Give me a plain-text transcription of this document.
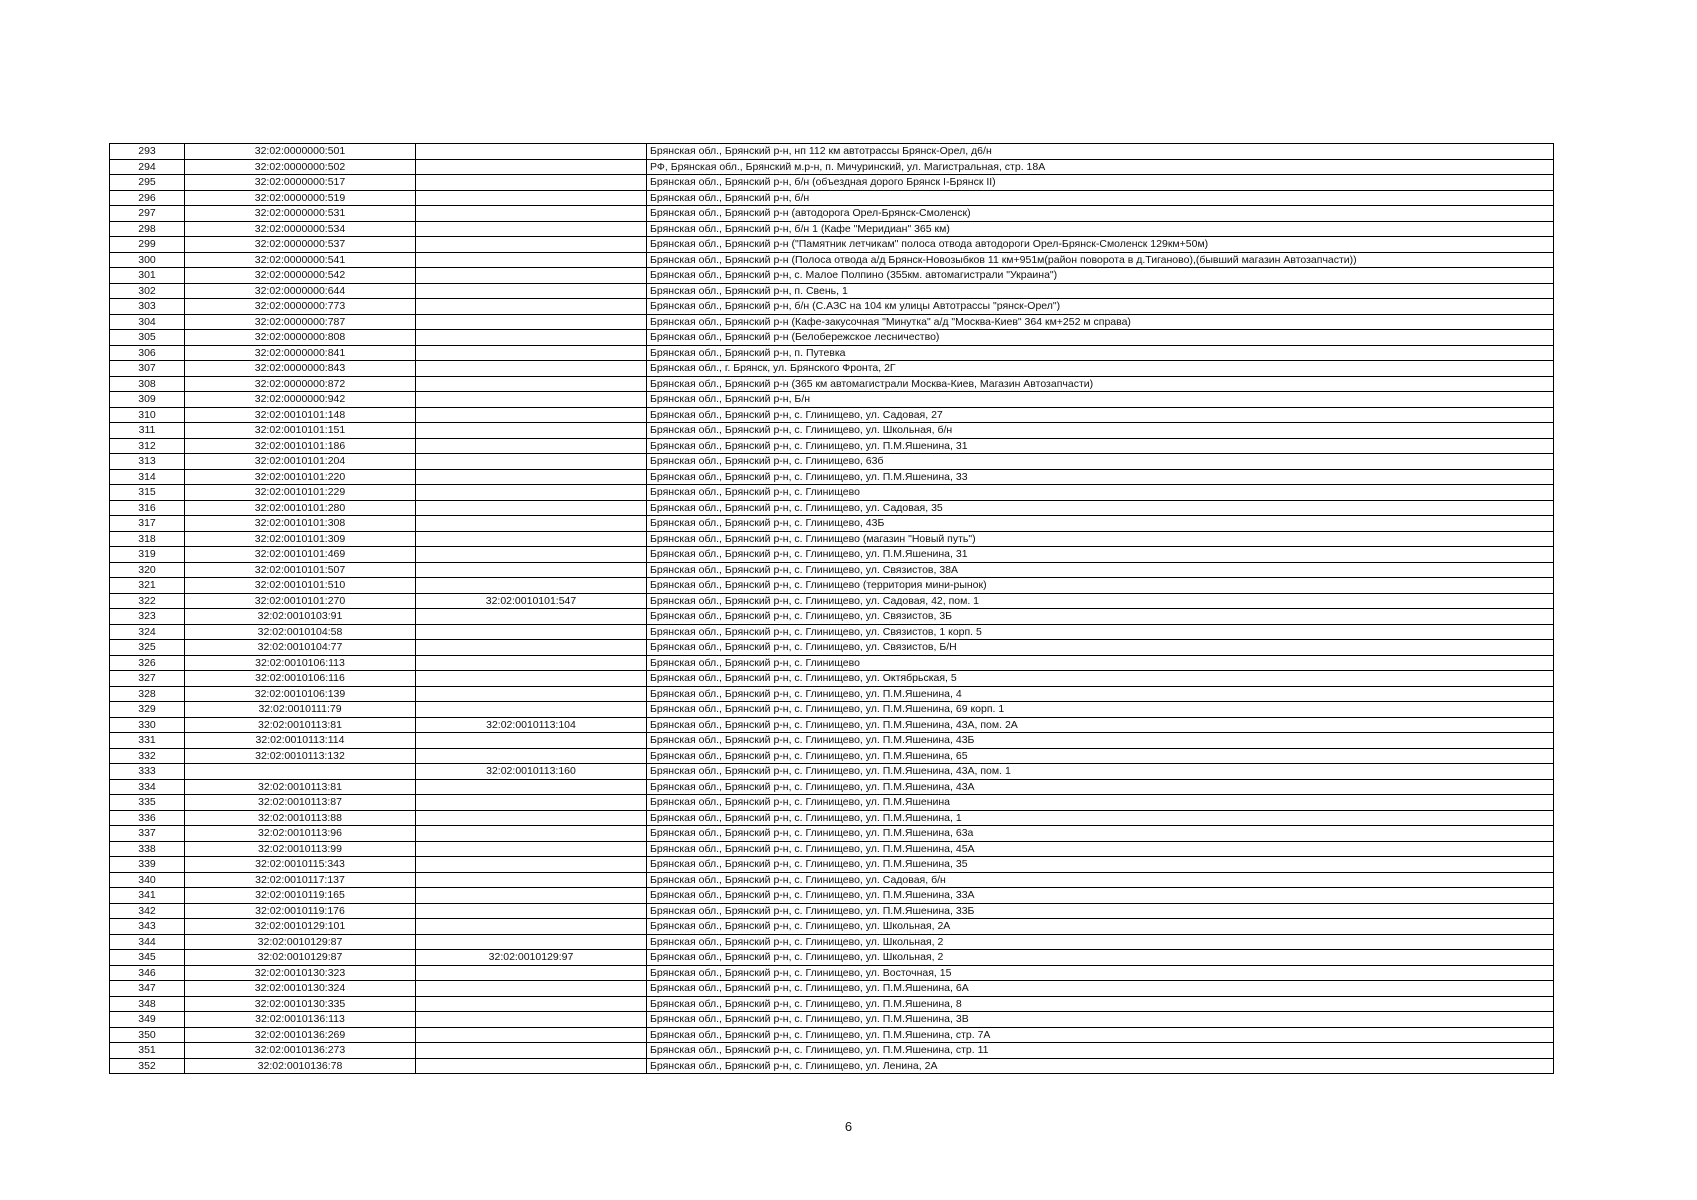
293	32:02:0000000:501		Брянская обл., Брянский р-н, нп 112 км автотрассы Брянск-Орел, д6/н
294	32:02:0000000:502		РФ, Брянская обл., Брянский м.р-н, п. Мичуринский, ул. Магистральная, стр. 18А
295	32:02:0000000:517		Брянская обл., Брянский р-н, б/н (объездная дорого Брянск I-Брянск II)
296	32:02:0000000:519		Брянская обл., Брянский р-н, б/н
297	32:02:0000000:531		Брянская обл., Брянский р-н (автодорога Орел-Брянск-Смоленск)
298	32:02:0000000:534		Брянская обл., Брянский р-н, б/н 1 (Кафе "Меридиан" 365 км)
299	32:02:0000000:537		Брянская обл., Брянский р-н ("Памятник летчикам" полоса отвода автодороги Орел-Брянск-Смоленск 129км+50м)
300	32:02:0000000:541		Брянская обл., Брянский р-н (Полоса отвода а/д Брянск-Новозыбков 11 км+951м(район поворота в д.Тиганово),(бывший магазин Автозапчасти))
301	32:02:0000000:542		Брянская обл., Брянский р-н, с. Малое Полпино (355км. автомагистрали "Украина")
302	32:02:0000000:644		Брянская обл., Брянский р-н, п. Свень, 1
303	32:02:0000000:773		Брянская обл., Брянский р-н, б/н (С.АЗС на 104 км улицы Автотрассы "рянск-Орел")
304	32:02:0000000:787		Брянская обл., Брянский р-н (Кафе-закусочная "Минутка" а/д "Москва-Киев" 364 км+252 м справа)
305	32:02:0000000:808		Брянская обл., Брянский р-н (Белобережское лесничество)
306	32:02:0000000:841		Брянская обл., Брянский р-н, п. Путевка
307	32:02:0000000:843		Брянская обл., г. Брянск, ул. Брянского Фронта, 2Г
308	32:02:0000000:872		Брянская обл., Брянский р-н (365 км автомагистрали Москва-Киев, Магазин Автозапчасти)
309	32:02:0000000:942		Брянская обл., Брянский р-н, Б/н
310	32:02:0010101:148		Брянская обл., Брянский р-н, с. Глинищево, ул. Садовая, 27
311	32:02:0010101:151		Брянская обл., Брянский р-н, с. Глинищево, ул. Школьная, б/н
312	32:02:0010101:186		Брянская обл., Брянский р-н, с. Глинищево, ул. П.М.Яшенина, 31
313	32:02:0010101:204		Брянская обл., Брянский р-н, с. Глинищево, 63б
314	32:02:0010101:220		Брянская обл., Брянский р-н, с. Глинищево, ул. П.М.Яшенина, 33
315	32:02:0010101:229		Брянская обл., Брянский р-н, с. Глинищево
316	32:02:0010101:280		Брянская обл., Брянский р-н, с. Глинищево, ул. Садовая, 35
317	32:02:0010101:308		Брянская обл., Брянский р-н, с. Глинищево, 43Б
318	32:02:0010101:309		Брянская обл., Брянский р-н, с. Глинищево (магазин "Новый путь")
319	32:02:0010101:469		Брянская обл., Брянский р-н, с. Глинищево, ул. П.М.Яшенина, 31
320	32:02:0010101:507		Брянская обл., Брянский р-н, с. Глинищево, ул. Связистов, 38А
321	32:02:0010101:510		Брянская обл., Брянский р-н, с. Глинищево (территория мини-рынок)
322	32:02:0010101:270	32:02:0010101:547	Брянская обл., Брянский р-н, с. Глинищево, ул. Садовая, 42, пом. 1
323	32:02:0010103:91		Брянская обл., Брянский р-н, с. Глинищево, ул. Связистов, 3Б
324	32:02:0010104:58		Брянская обл., Брянский р-н, с. Глинищево, ул. Связистов, 1 корп. 5
325	32:02:0010104:77		Брянская обл., Брянский р-н, с. Глинищево, ул. Связистов, Б/Н
326	32:02:0010106:113		Брянская обл., Брянский р-н, с. Глинищево
327	32:02:0010106:116		Брянская обл., Брянский р-н, с. Глинищево, ул. Октябрьская, 5
328	32:02:0010106:139		Брянская обл., Брянский р-н, с. Глинищево, ул. П.М.Яшенина, 4
329	32:02:0010111:79		Брянская обл., Брянский р-н, с. Глинищево, ул. П.М.Яшенина, 69 корп. 1
330	32:02:0010113:81	32:02:0010113:104	Брянская обл., Брянский р-н, с. Глинищево, ул. П.М.Яшенина, 43А, пом. 2А
331	32:02:0010113:114		Брянская обл., Брянский р-н, с. Глинищево, ул. П.М.Яшенина, 43Б
332	32:02:0010113:132		Брянская обл., Брянский р-н, с. Глинищево, ул. П.М.Яшенина, 65
333		32:02:0010113:160	Брянская обл., Брянский р-н, с. Глинищево, ул. П.М.Яшенина, 43А, пом. 1
334	32:02:0010113:81		Брянская обл., Брянский р-н, с. Глинищево, ул. П.М.Яшенина, 43А
335	32:02:0010113:87		Брянская обл., Брянский р-н, с. Глинищево, ул. П.М.Яшенина
336	32:02:0010113:88		Брянская обл., Брянский р-н, с. Глинищево, ул. П.М.Яшенина, 1
337	32:02:0010113:96		Брянская обл., Брянский р-н, с. Глинищево, ул. П.М.Яшенина, 63а
338	32:02:0010113:99		Брянская обл., Брянский р-н, с. Глинищево, ул. П.М.Яшенина, 45А
339	32:02:0010115:343		Брянская обл., Брянский р-н, с. Глинищево, ул. П.М.Яшенина, 35
340	32:02:0010117:137		Брянская обл., Брянский р-н, с. Глинищево, ул. Садовая, б/н
341	32:02:0010119:165		Брянская обл., Брянский р-н, с. Глинищево, ул. П.М.Яшенина, 33А
342	32:02:0010119:176		Брянская обл., Брянский р-н, с. Глинищево, ул. П.М.Яшенина, 33Б
343	32:02:0010129:101		Брянская обл., Брянский р-н, с. Глинищево, ул. Школьная, 2А
344	32:02:0010129:87		Брянская обл., Брянский р-н, с. Глинищево, ул. Школьная, 2
345	32:02:0010129:87	32:02:0010129:97	Брянская обл., Брянский р-н, с. Глинищево, ул. Школьная, 2
346	32:02:0010130:323		Брянская обл., Брянский р-н, с. Глинищево, ул. Восточная, 15
347	32:02:0010130:324		Брянская обл., Брянский р-н, с. Глинищево, ул. П.М.Яшенина, 6А
348	32:02:0010130:335		Брянская обл., Брянский р-н, с. Глинищево, ул. П.М.Яшенина, 8
349	32:02:0010136:113		Брянская обл., Брянский р-н, с. Глинищево, ул. П.М.Яшенина, 3В
350	32:02:0010136:269		Брянская обл., Брянский р-н, с. Глинищево, ул. П.М.Яшенина, стр. 7А
351	32:02:0010136:273		Брянская обл., Брянский р-н, с. Глинищево, ул. П.М.Яшенина, стр. 11
352	32:02:0010136:78		Брянская обл., Брянский р-н, с. Глинищево, ул. Ленина, 2А
6
